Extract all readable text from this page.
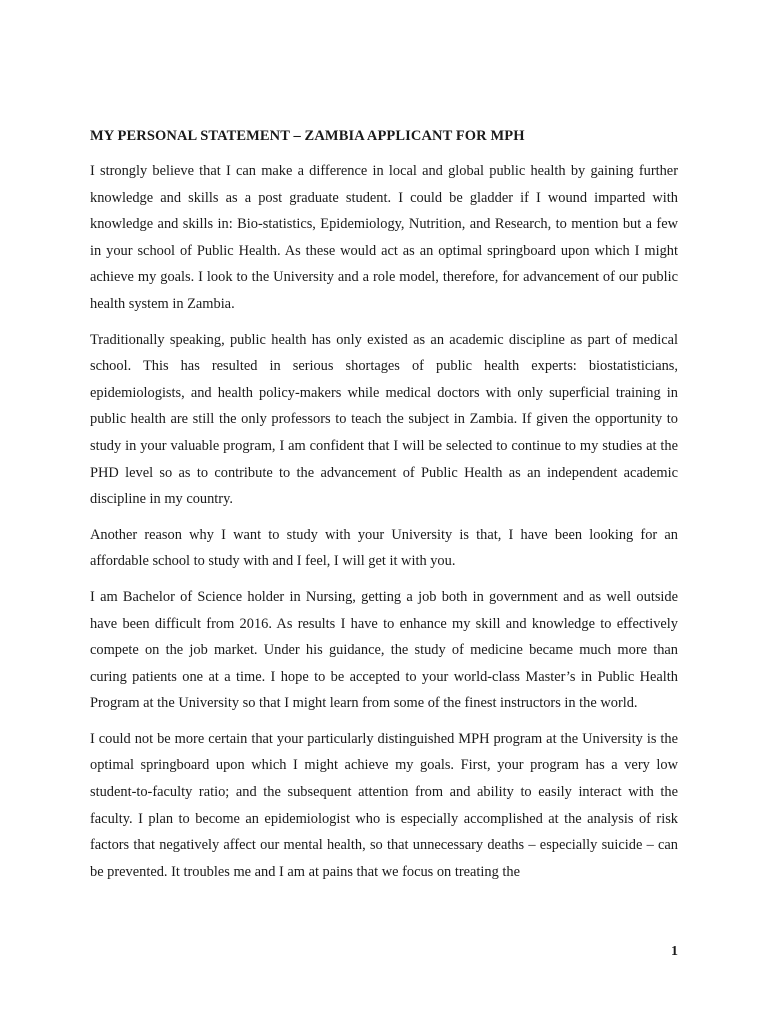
MY PERSONAL STATEMENT – ZAMBIA APPLICANT FOR MPH

I strongly believe that I can make a difference in local and global public health by gaining further knowledge and skills as a post graduate student. I could be gladder if I wound imparted with knowledge and skills in: Bio-statistics, Epidemiology, Nutrition, and Research, to mention but a few in your school of Public Health. As these would act as an optimal springboard upon which I might achieve my goals. I look to the University and a role model, therefore, for advancement of our public health system in Zambia.

Traditionally speaking, public health has only existed as an academic discipline as part of medical school. This has resulted in serious shortages of public health experts: biostatisticians, epidemiologists, and health policy-makers while medical doctors with only superficial training in public health are still the only professors to teach the subject in Zambia. If given the opportunity to study in your valuable program, I am confident that I will be selected to continue to my studies at the PHD level so as to contribute to the advancement of Public Health as an independent academic discipline in my country.

Another reason why I want to study with your University is that, I have been looking for an affordable school to study with and I feel, I will get it with you.

I am Bachelor of Science holder in Nursing, getting a job both in government and as well outside have been difficult from 2016. As results I have to enhance my skill and knowledge to effectively compete on the job market. Under his guidance, the study of medicine became much more than curing patients one at a time. I hope to be accepted to your world-class Master’s in Public Health Program at the University so that I might learn from some of the finest instructors in the world.

I could not be more certain that your particularly distinguished MPH program at the University is the optimal springboard upon which I might achieve my goals. First, your program has a very low student-to-faculty ratio; and the subsequent attention from and ability to easily interact with the faculty. I plan to become an epidemiologist who is especially accomplished at the analysis of risk factors that negatively affect our mental health, so that unnecessary deaths – especially suicide – can be prevented. It troubles me and I am at pains that we focus on treating the

1
